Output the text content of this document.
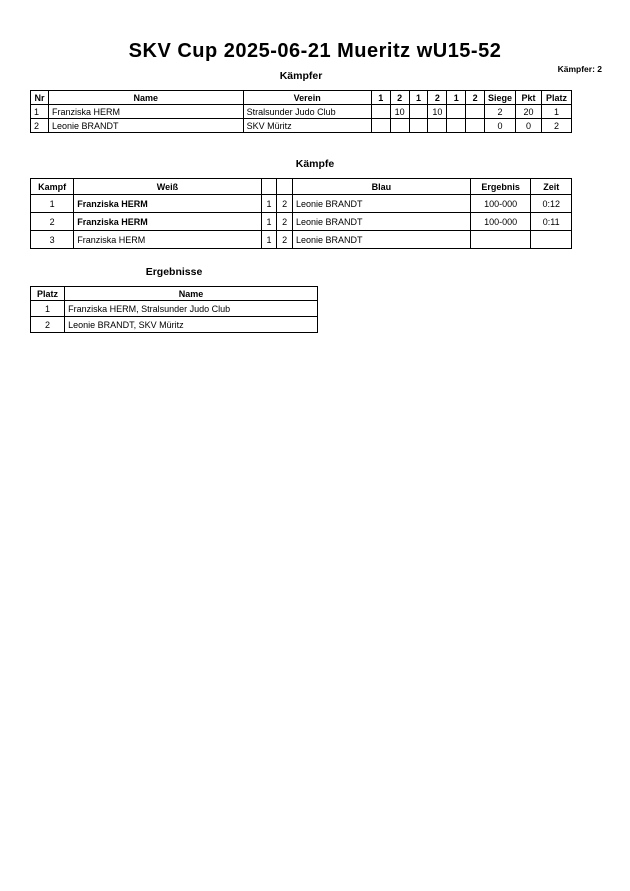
SKV Cup 2025-06-21 Mueritz wU15-52
Kämpfer: 2
Kämpfer
Nr	Name	Verein	1	2	1	2	1	2	Siege	Pkt	Platz
1	Franziska HERM	Stralsunder Judo Club		10		10			2	20	1
2	Leonie BRANDT	SKV Müritz							0	0	2
Kämpfe
Kampf	Weiß			Blau	Ergebnis	Zeit
1	Franziska HERM	1	2	Leonie BRANDT	100-000	0:12
2	Franziska HERM	1	2	Leonie BRANDT	100-000	0:11
3	Franziska HERM	1	2	Leonie BRANDT		
Ergebnisse
Platz	Name
1	Franziska HERM, Stralsunder Judo Club
2	Leonie BRANDT, SKV Müritz
